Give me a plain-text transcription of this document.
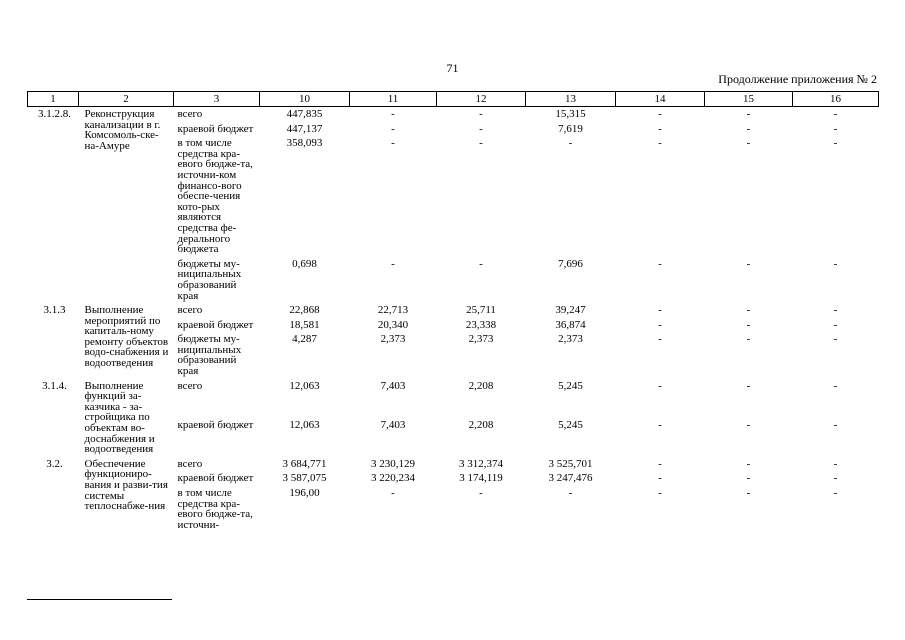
71
Продолжение приложения № 2
1	2	3	10	11	12	13	14	15	16
3.1.2.8.	Реконструкция канализации в г. Комсомоль-ске-на-Амуре	всего	447,835	-	-	15,315	-	-	-
		краевой бюджет	447,137	-	-	7,619	-	-	-
		в том числе средства кра-евого бюдже-та, источни-ком финансо-вого обеспе-чения кото-рых являются средства фе-дерального бюджета	358,093	-	-	-	-	-	-
		бюджеты му-ниципальных образований края	0,698	-	-	7,696	-	-	-
3.1.3	Выполнение мероприятий по капиталь-ному ремонту объектов водо-снабжения и водоотведения	всего	22,868	22,713	25,711	39,247	-	-	-
		краевой бюджет	18,581	20,340	23,338	36,874	-	-	-
		бюджеты му-ниципальных образований края	4,287	2,373	2,373	2,373	-	-	-
3.1.4.	Выполнение функций за-казчика - за-стройщика по объектам во-доснабжения и водоотведения	всего	12,063	7,403	2,208	5,245	-	-	-
		краевой бюджет	12,063	7,403	2,208	5,245	-	-	-
3.2.	Обеспечение функциониро-вания и разви-тия системы теплоснабже-ния	всего	3 684,771	3 230,129	3 312,374	3 525,701	-	-	-
		краевой бюджет	3 587,075	3 220,234	3 174,119	3 247,476	-	-	-
		в том числе средства кра-евого бюдже-та, источни-	196,00	-	-	-	-	-	-
